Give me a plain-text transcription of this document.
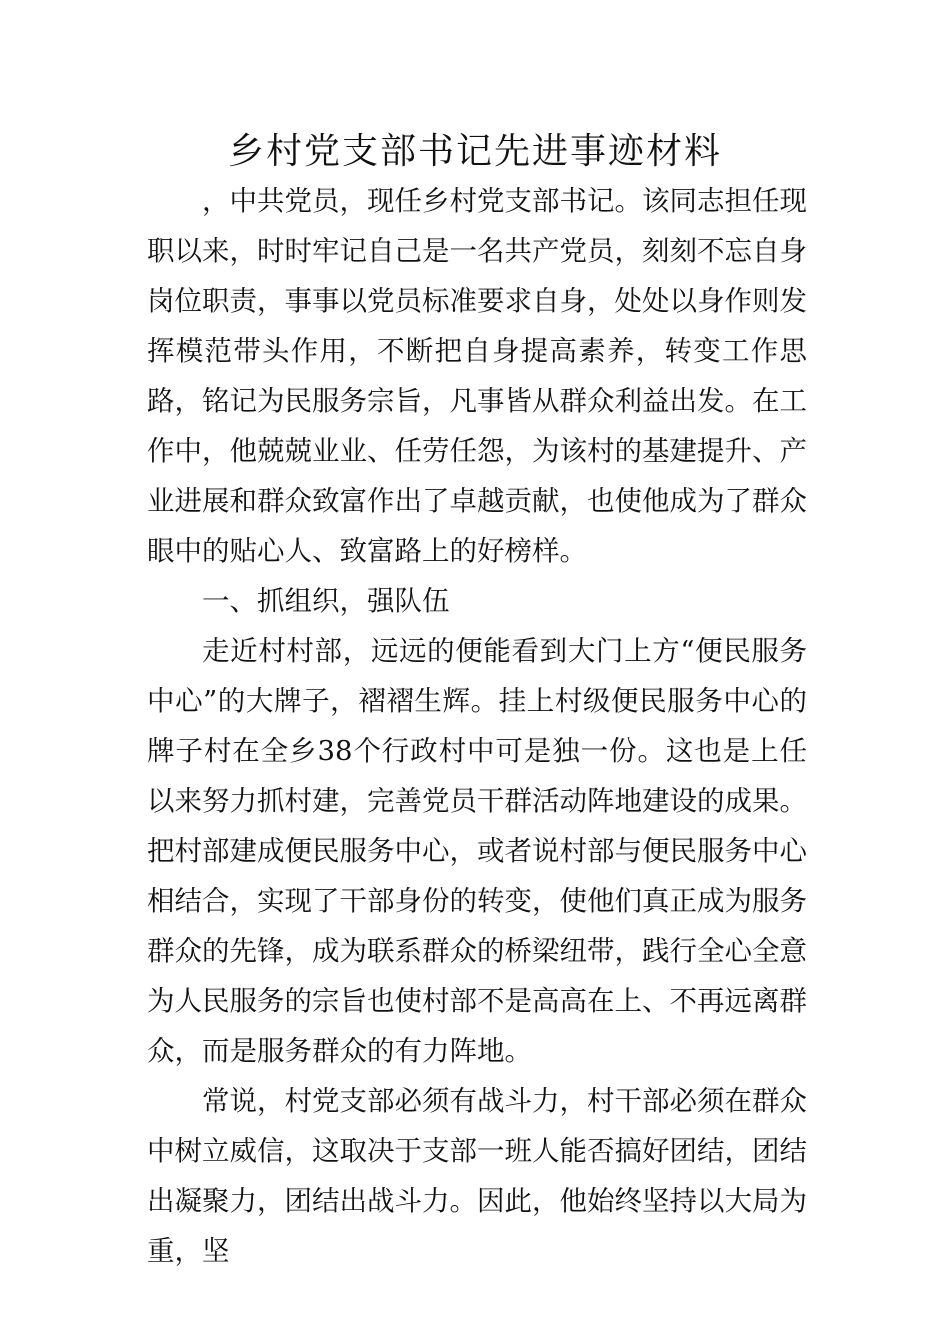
乡村党支部书记先进事迹材料

，中共党员，现任乡村党支部书记。该同志担任现职以来，时时牢记自己是一名共产党员，刻刻不忘自身岗位职责，事事以党员标准要求自身，处处以身作则发挥模范带头作用，不断把自身提高素养，转变工作思路，铭记为民服务宗旨，凡事皆从群众利益出发。在工作中，他兢兢业业、任劳任怨，为该村的基建提升、产业进展和群众致富作出了卓越贡献，也使他成为了群众眼中的贴心人、致富路上的好榜样。

一、抓组织，强队伍

走近村村部，远远的便能看到大门上方“便民服务中心”的大牌子，褶褶生辉。挂上村级便民服务中心的牌子村在全乡38个行政村中可是独一份。这也是上任以来努力抓村建，完善党员干群活动阵地建设的成果。把村部建成便民服务中心，或者说村部与便民服务中心相结合，实现了干部身份的转变，使他们真正成为服务群众的先锋，成为联系群众的桥梁纽带，践行全心全意为人民服务的宗旨也使村部不是高高在上、不再远离群众，而是服务群众的有力阵地。

常说，村党支部必须有战斗力，村干部必须在群众中树立威信，这取决于支部一班人能否搞好团结，团结出凝聚力，团结出战斗力。因此，他始终坚持以大局为重，坚
